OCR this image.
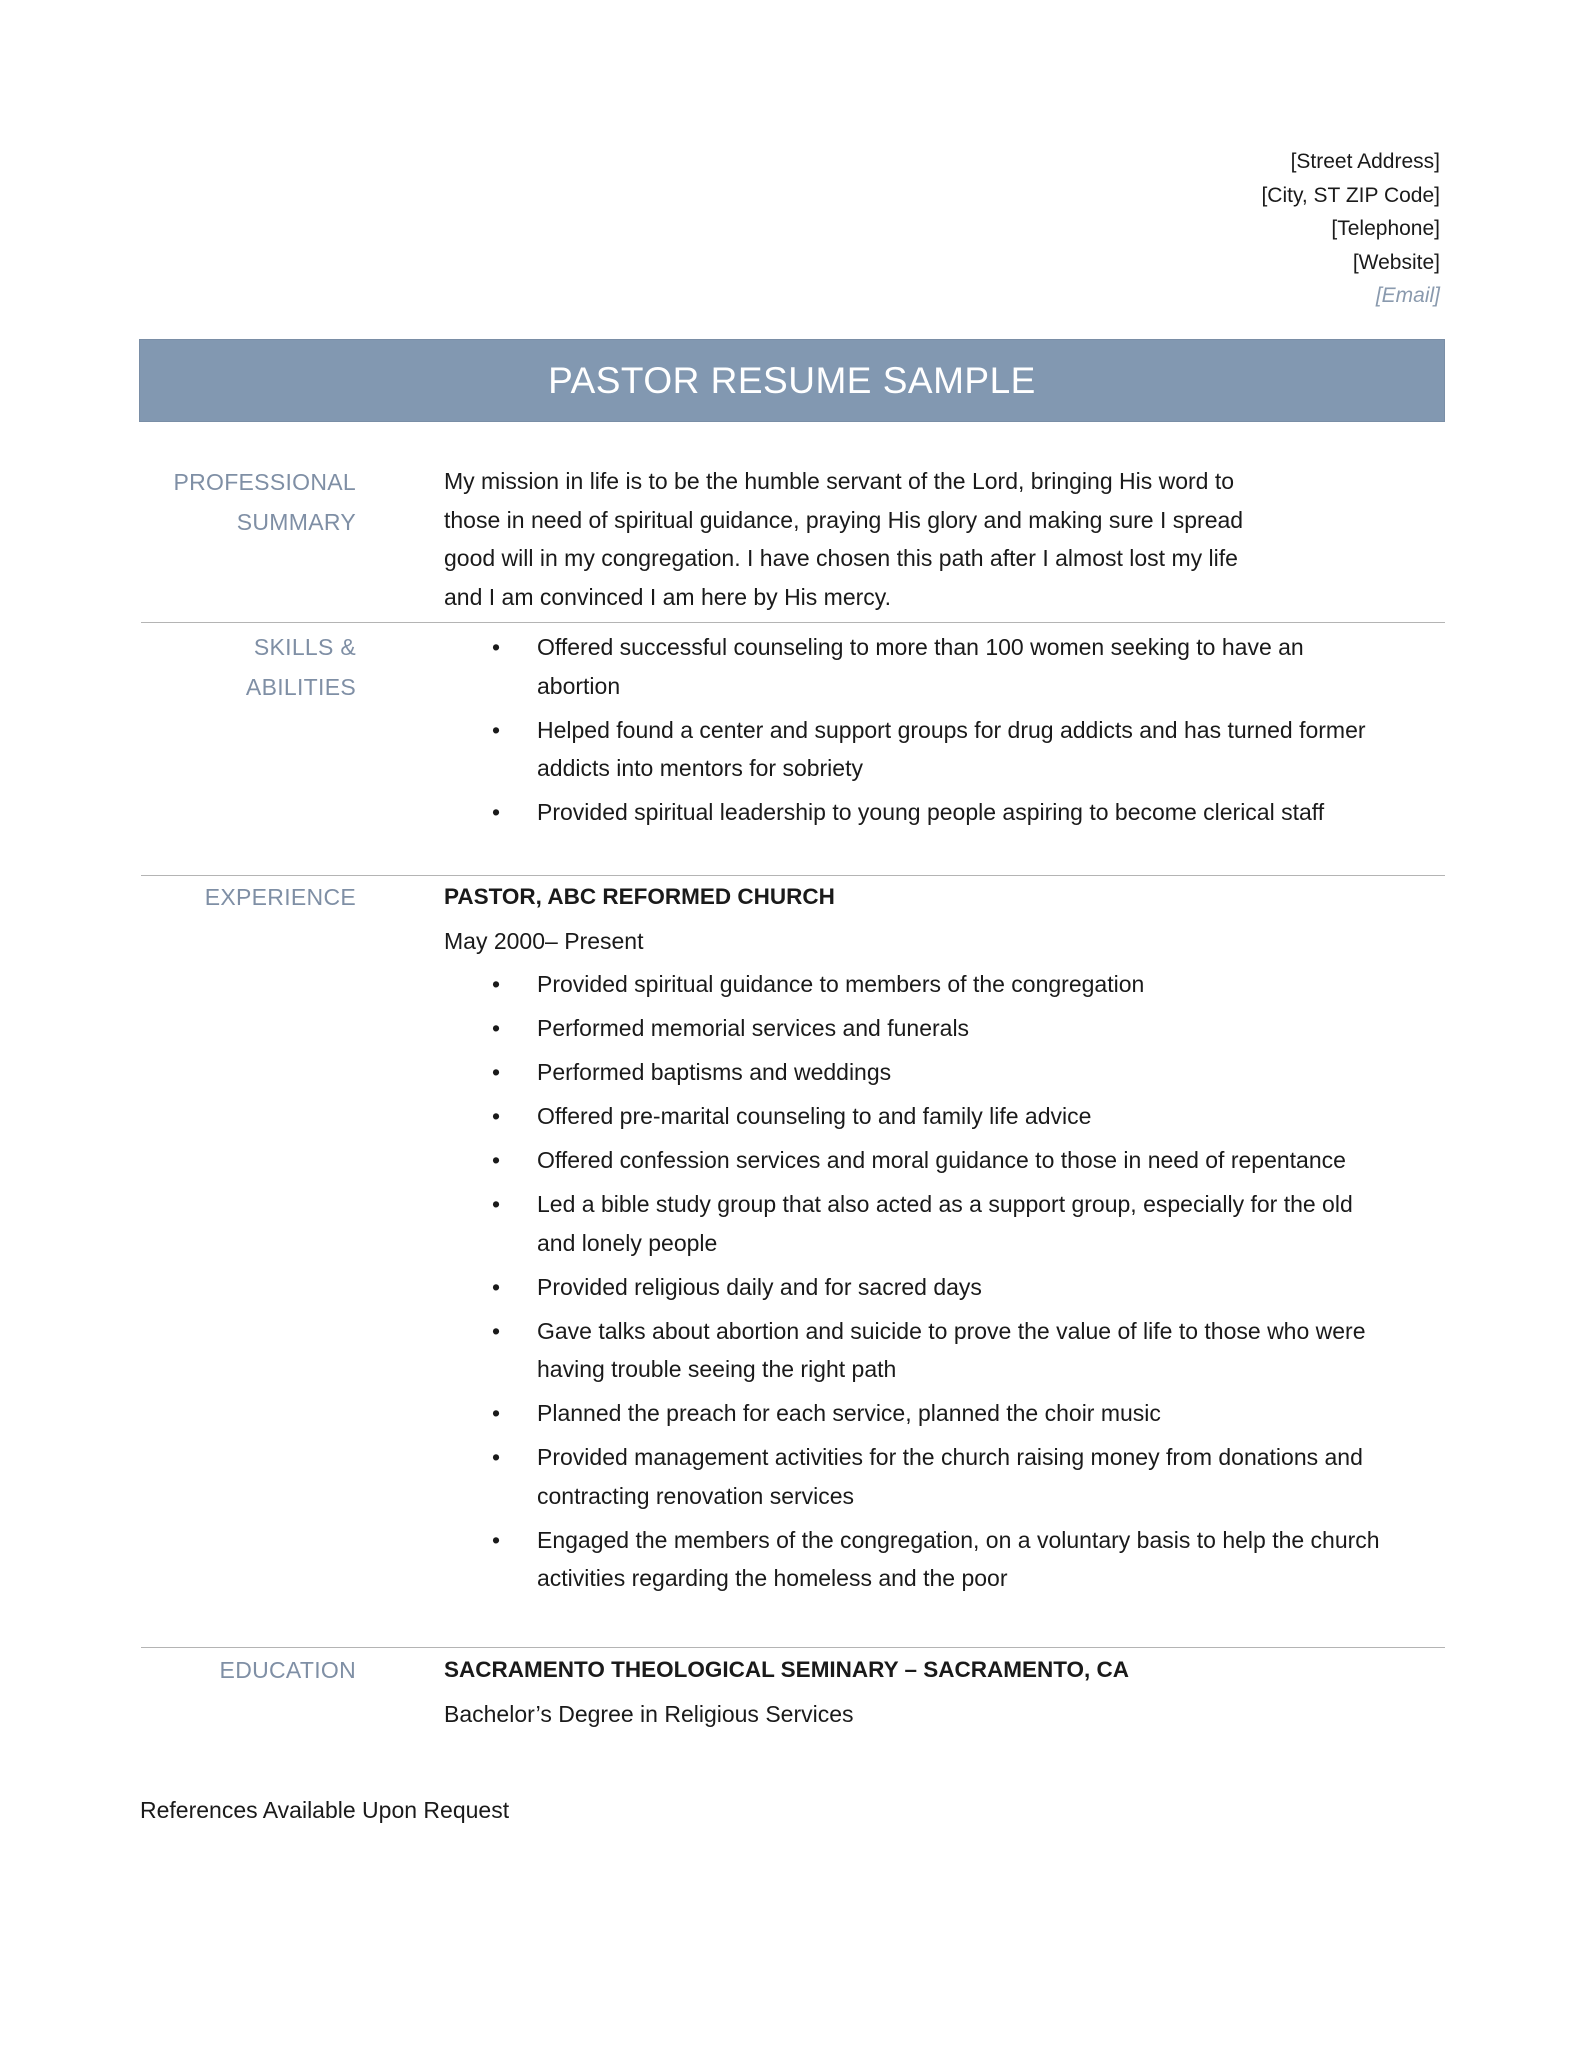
[Street Address]
[City, ST ZIP Code]
[Telephone]
[Website]
[Email]
PASTOR RESUME SAMPLE
PROFESSIONAL
SUMMARY

My mission in life is to be the humble servant of the Lord, bringing His word to those in need of spiritual guidance, praying His glory and making sure I spread good will in my congregation. I have chosen this path after I almost lost my life and I am convinced I am here by His mercy.

SKILLS & ABILITIES
• Offered successful counseling to more than 100 women seeking to have an abortion
• Helped found a center and support groups for drug addicts and has turned former addicts into mentors for sobriety
• Provided spiritual leadership to young people aspiring to become clerical staff
EXPERIENCE	PASTOR, ABC REFORMED CHURCH
May 2000– Present
• Provided spiritual guidance to members of the congregation
• Performed memorial services and funerals
• Performed baptisms and weddings
• Offered pre-marital counseling to and family life advice
• Offered confession services and moral guidance to those in need of repentance
• Led a bible study group that also acted as a support group, especially for the old and lonely people
• Provided religious daily and for sacred days
• Gave talks about abortion and suicide to prove the value of life to those who were having trouble seeing the right path
• Planned the preach for each service, planned the choir music
• Provided management activities for the church raising money from donations and contracting renovation services
• Engaged the members of the congregation, on a voluntary basis to help the church activities regarding the homeless and the poor
EDUCATION	SACRAMENTO THEOLOGICAL SEMINARY – SACRAMENTO, CA
Bachelor’s Degree in Religious Services
References Available Upon Request
